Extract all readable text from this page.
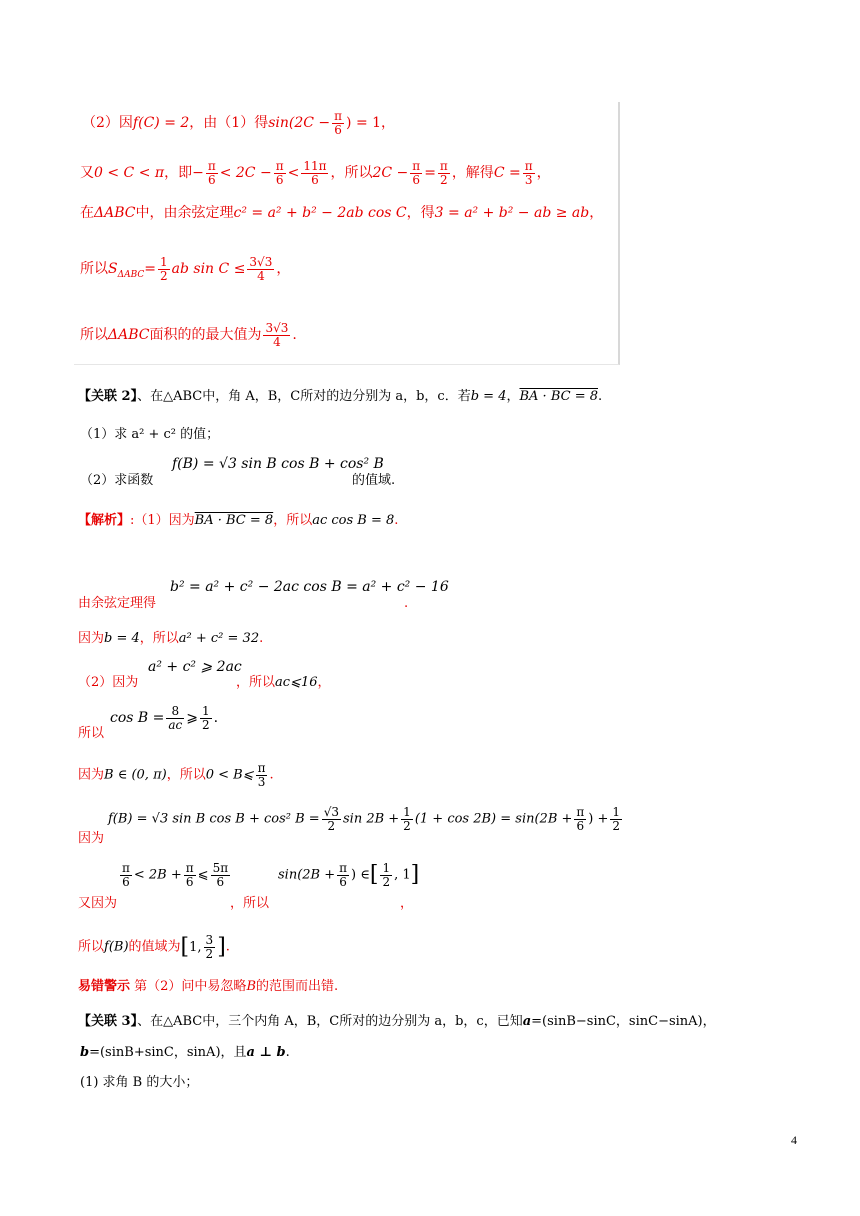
（2）因f(C) = 2，由（1）得$\sin(2C - \frac{\pi}{6}$ ) = 1，
又0 < C < π，即− $\frac{\pi}{6} < 2C - \frac{\pi}{6} < \frac{11\pi}{6}$ ，所以$2C - \frac{\pi}{6} = \frac{\pi}{2}$ ，解得$C = \frac{\pi}{3}$ ，
在ΔABC中，由余弦定理c² = a² + b² − 2ab cos C，得3 = a² + b² − ab ≥ ab，
所以$S_{\Delta ABC}= \frac{1}{2}$ ab $\sin C \le \frac{3√3}{4}$ ，
所以ΔABC面积的的最大值为 $\frac{3√3}{4}$ .
【关联 2】、在△ABC中，角 A，B，C所对的边分别为 a，b，c．若b = 4，BA · BC = 8.
（1）求 a² + c² 的值；
（2）求函数
f(B) = √3 sin B cos B + cos² B
的值域.
【解析】:（1）因为BA · BC = 8，所以ac cos B = 8.
b² = a² + c² − 2ac cos B = a² + c² − 16
由余弦定理得	.
因为b = 4，所以a² + c² = 32.
a² + c² ⩾ 2ac
（2）因为	，所以ac⩽16，
$\cos B = \frac{8}{ac}$ ⩾ $\frac{1}{2}$ .
所以
因为B ∈ (0, π)，所以0 < B⩽ $\frac{\pi}{3}$ .
f(B) = √3 sin B cos B + cos² $B = \frac{√3}{2}$ $\sin 2B + \frac{1}{2} (1 + \cos 2B) = \sin(2B + \frac{\pi}{6}$ ) + $\frac{1}{2}$
因为
$\frac{\pi}{6} < 2B + \frac{\pi}{6}$ ⩽ $\frac{5\pi}{6}$	$\sin(2B + \frac{\pi}{6}$ ) ∈[ $\frac{1}{2}$ , 1]
又因为	，所以	，
所以f(B)的值域为[1, $\frac{3}{2}$ ].
易错警示 第（2）问中易忽略B的范围而出错.
【关联 3】、在△ABC中，三个内角 A，B，C所对的边分别为 a，b，c，已知a=(sinB−sinC，sinC−sinA)，
b=(sinB+sinC，sinA)，且a ⊥ b.
(1) 求角 B 的大小；
4
